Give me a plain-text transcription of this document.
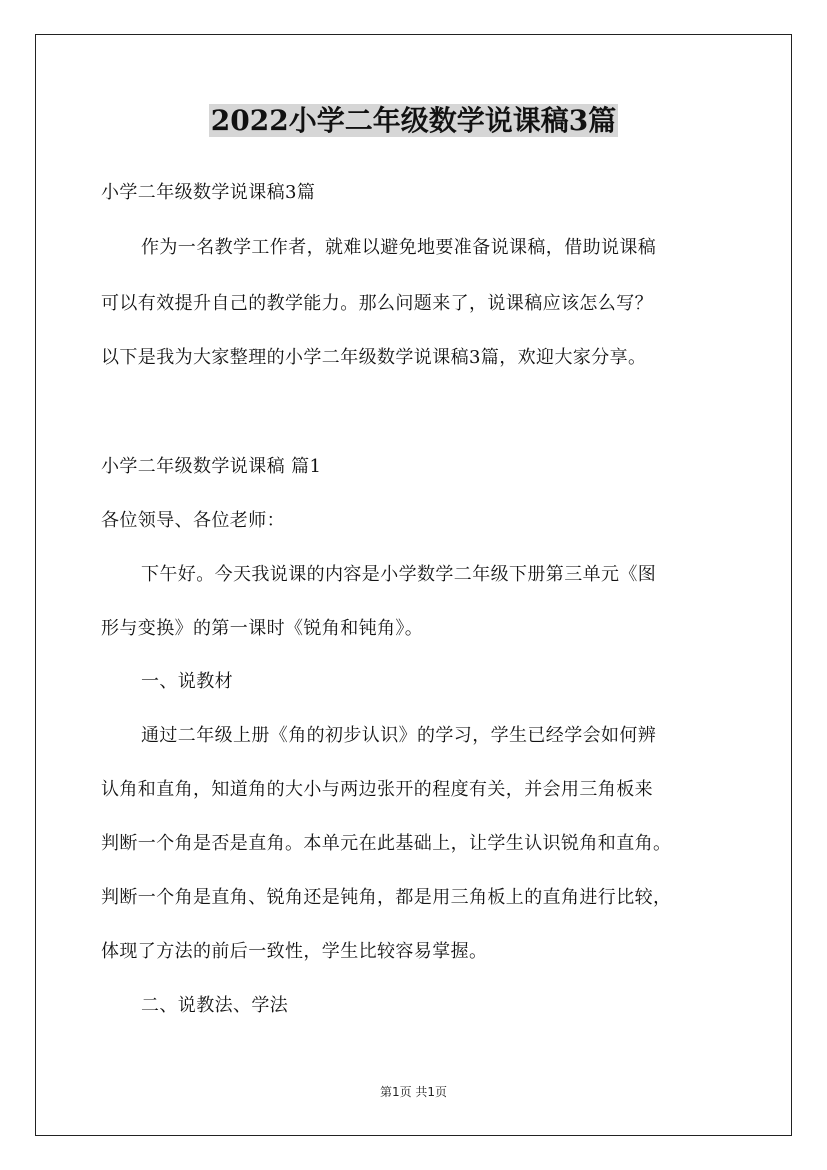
2022小学二年级数学说课稿3篇

小学二年级数学说课稿3篇

作为一名教学工作者，就难以避免地要准备说课稿，借助说课稿

可以有效提升自己的教学能力。那么问题来了，说课稿应该怎么写？

以下是我为大家整理的小学二年级数学说课稿3篇，欢迎大家分享。

小学二年级数学说课稿 篇1

各位领导、各位老师：

下午好。今天我说课的内容是小学数学二年级下册第三单元《图

形与变换》的第一课时《锐角和钝角》。

一、说教材

通过二年级上册《角的初步认识》的学习，学生已经学会如何辨

认角和直角，知道角的大小与两边张开的程度有关，并会用三角板来

判断一个角是否是直角。本单元在此基础上，让学生认识锐角和直角。

判断一个角是直角、锐角还是钝角，都是用三角板上的直角进行比较，

体现了方法的前后一致性，学生比较容易掌握。

二、说教法、学法

第1页 共1页
